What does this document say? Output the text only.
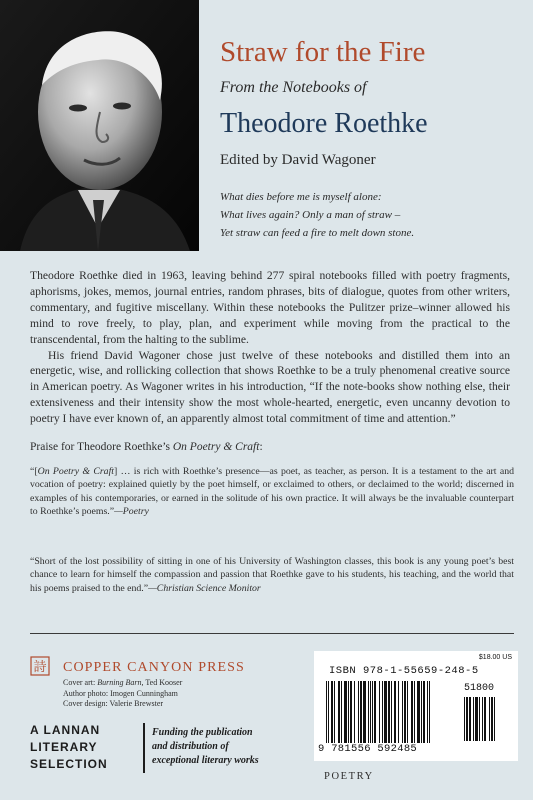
Straw for the Fire
From the Notebooks of
Theodore Roethke
Edited by David Wagoner
What dies before me is myself alone:
What lives again? Only a man of straw –
Yet straw can feed a fire to melt down stone.

Theodore Roethke died in 1963, leaving behind 277 spiral notebooks filled with poetry fragments, aphorisms, jokes, memos, journal entries, random phrases, bits of dialogue, quotes from other writers, commentary, and fugitive miscellany. Within these notebooks the Pulitzer prize–winner allowed his mind to rove freely, to play, plan, and experiment while moving from the practical to the transcendental, from the halting to the sublime.

His friend David Wagoner chose just twelve of these notebooks and distilled them into an energetic, wise, and rollicking collection that shows Roethke to be a truly phenomenal creative source in American poetry. As Wagoner writes in his introduction, “If the note-books show nothing else, their extensiveness and their intensity show the most whole-hearted, energetic, even uncanny devotion to poetry I have ever known of, an apparently almost total commitment of time and attention.”

Praise for Theodore Roethke’s On Poetry & Craft:
“[On Poetry & Craft] … is rich with Roethke’s presence—as poet, as teacher, as person. It is a testament to the art and vocation of poetry: explained quietly by the poet himself, or exclaimed to others, or declaimed to the world; discerned in examples of his contemporaries, or earned in the solitude of his own practice. It will always be the invaluable counterpart to Roethke’s poems.”—Poetry
“Short of the lost possibility of sitting in one of his University of Washington classes, this book is any young poet’s best chance to learn for himself the compassion and passion that Roethke gave to his students, his teaching, and the world that his poems praised to the end.”—Christian Science Monitor
詩 COPPER CANYON PRESS
Cover art: Burning Barn, Ted Kooser
Author photo: Imogen Cunningham
Cover design: Valerie Brewster
A LANNAN
LITERARY
SELECTION
Funding the publication
and distribution of
exceptional literary works
$18.00 US
ISBN 978-1-55659-248-5
51800
9 781556 592485
POETRY
